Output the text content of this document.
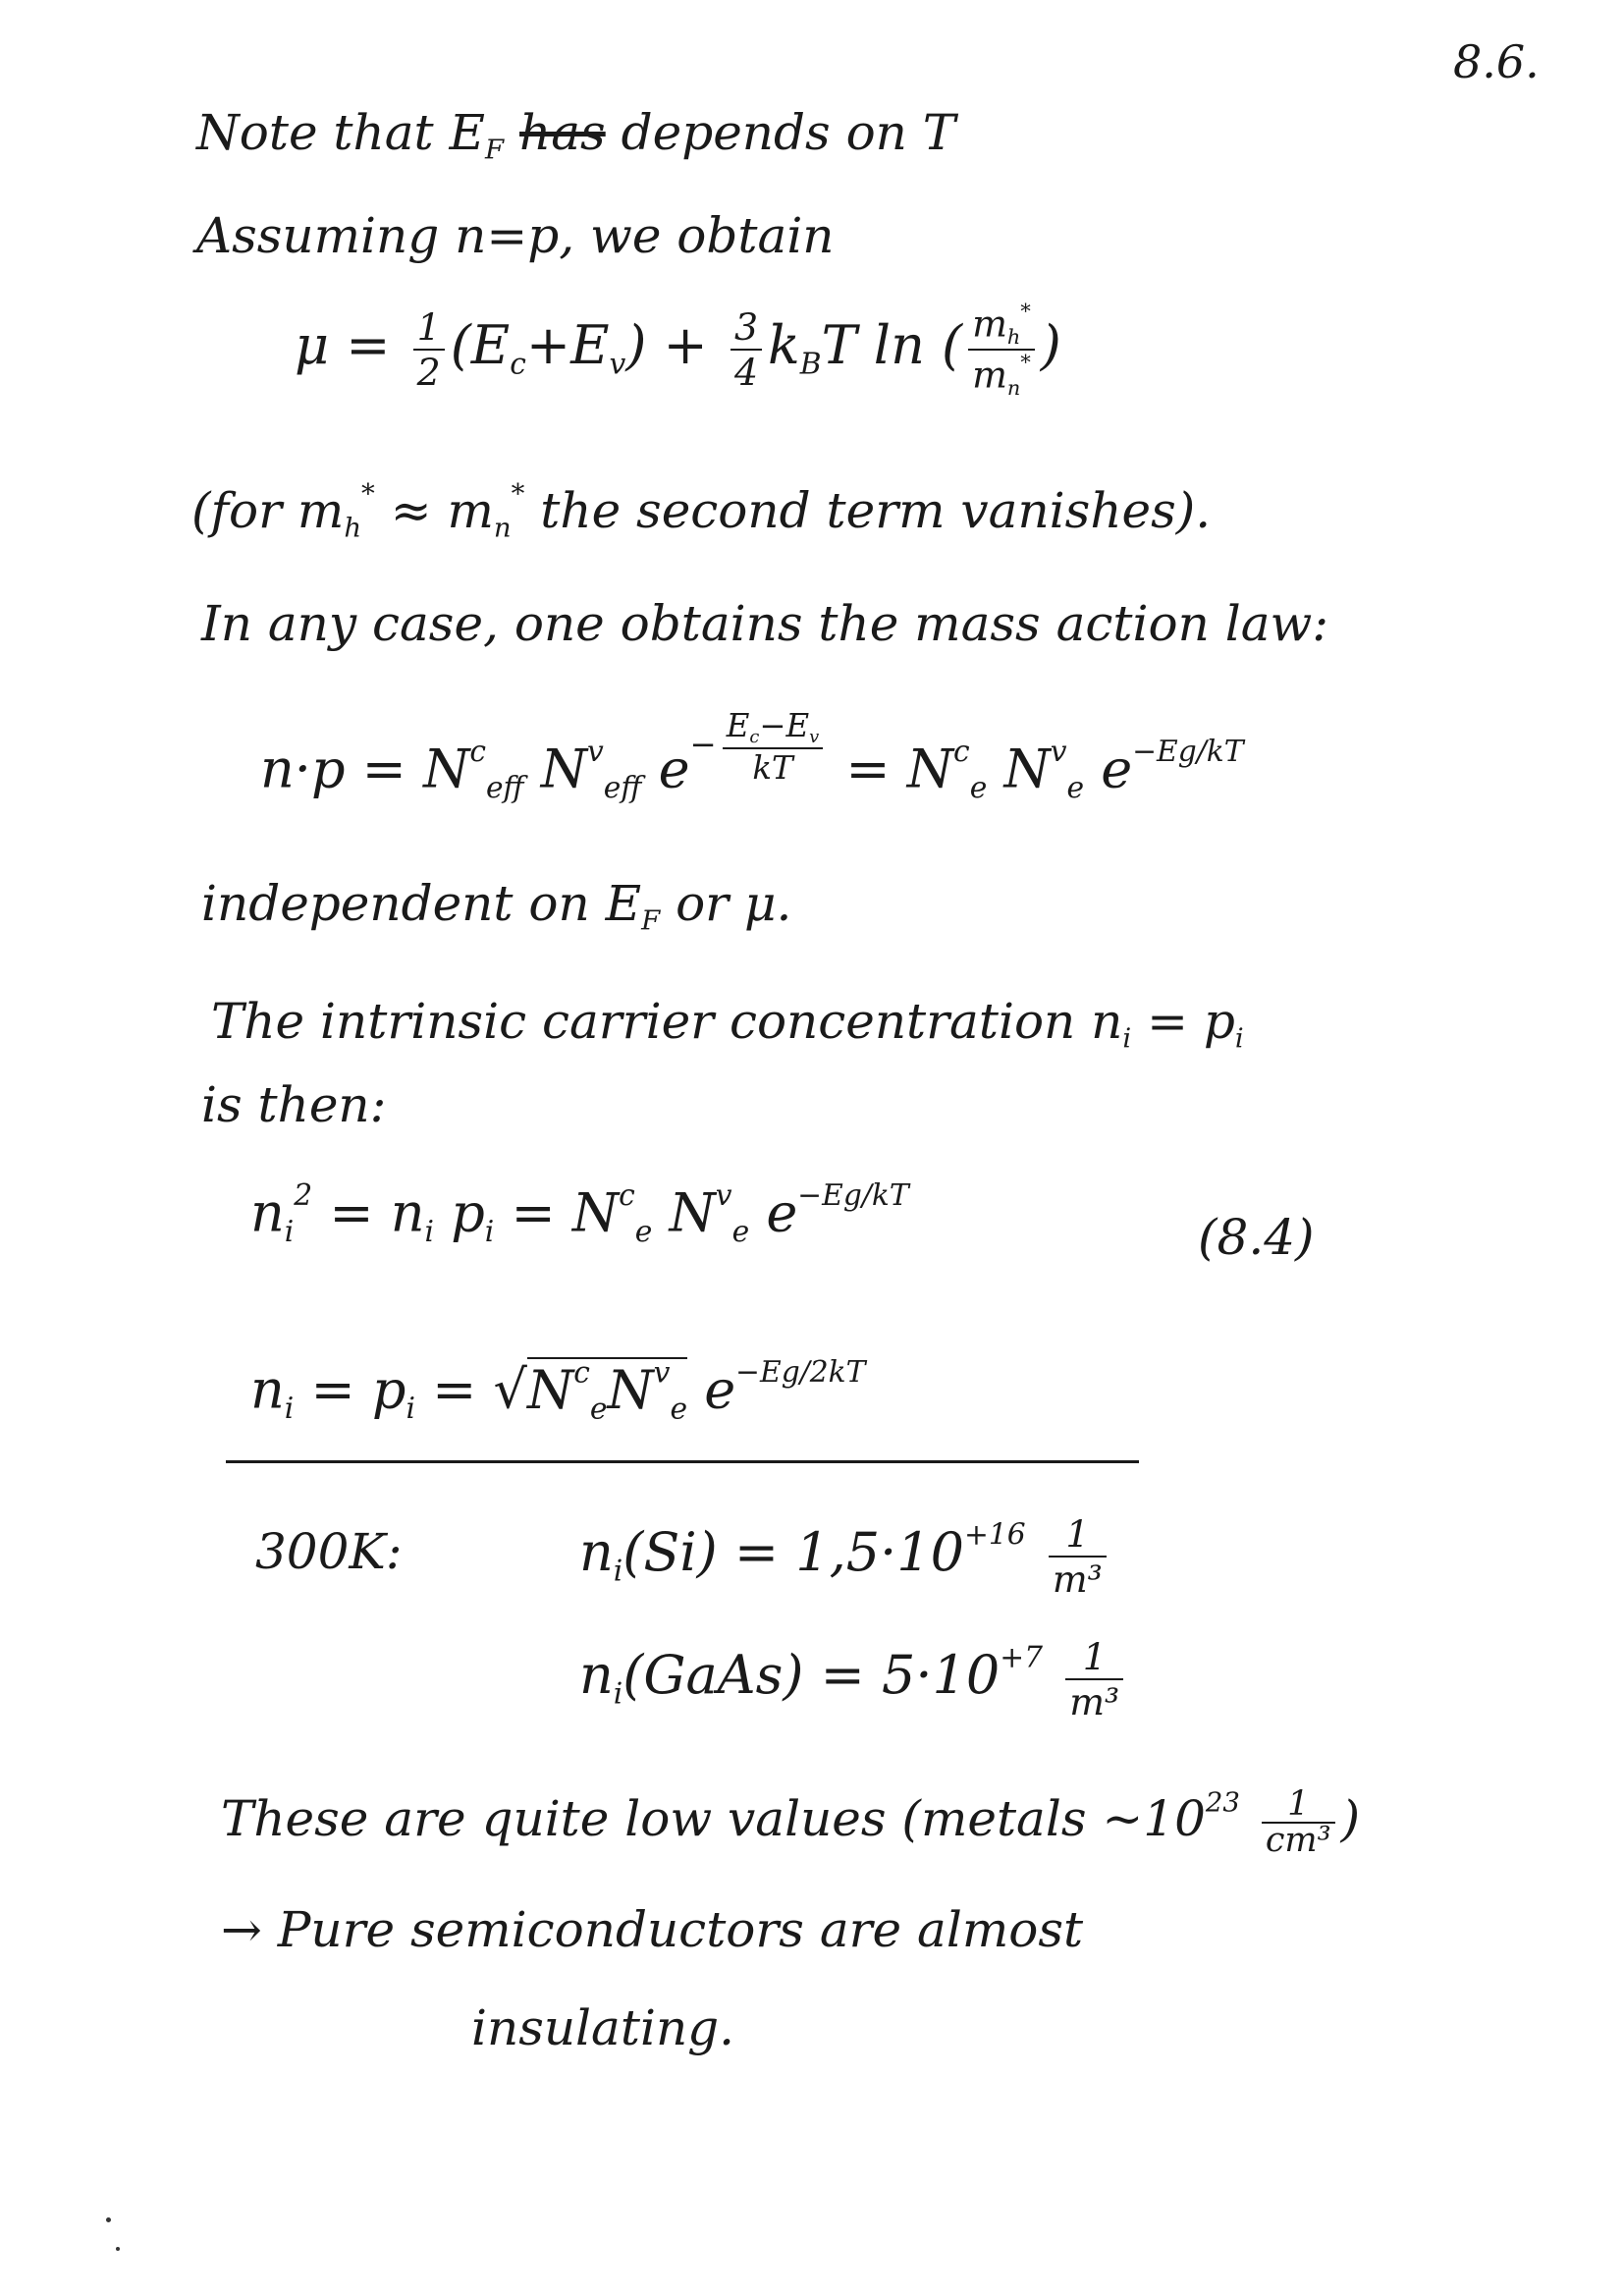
8.6.
Note that $E_F$ has depends on T
Assuming n=p, we obtain
$\mu = \frac{1}{2} (E_c+E_v) + \frac{3}{4} k_BT$ ln ( $\frac{m_h^*}{m_n^*}$ )
(for $m_h^* \approx m_n^*$ the second term vanishes).
In any case, one obtains the mass action law:
$n\cdot p = N^c_{eff}$ $N^v_{eff}$ $e^{- \frac{E_c-E_v}{kT}} = N^c_e$ $N^v_e$ $e^{-Eg/kT}$
independent on $E_F$ or μ.
The intrinsic carrier concentration $n_i = p_i$
is then:
$n_i^2 = n_i$ $p_i = N^c_e$ $N^v_e$ $e^{-Eg/kT}$
(8.4)
$n_i = p_i = √N^c_eN^v_e$ $e^{-Eg/2kT}$
300K:	$n_i(Si) = 1,5\cdot 10^{+16} \frac{1}{\text{m³}}$
$n_i(GaAs) = 5\cdot 10^{+7} \frac{1}{\text{m³}}$
These are quite low values (metals $\sim 10^{23} \frac{1}{\text{cm³}}$ )
→ Pure semiconductors are almost
insulating.
